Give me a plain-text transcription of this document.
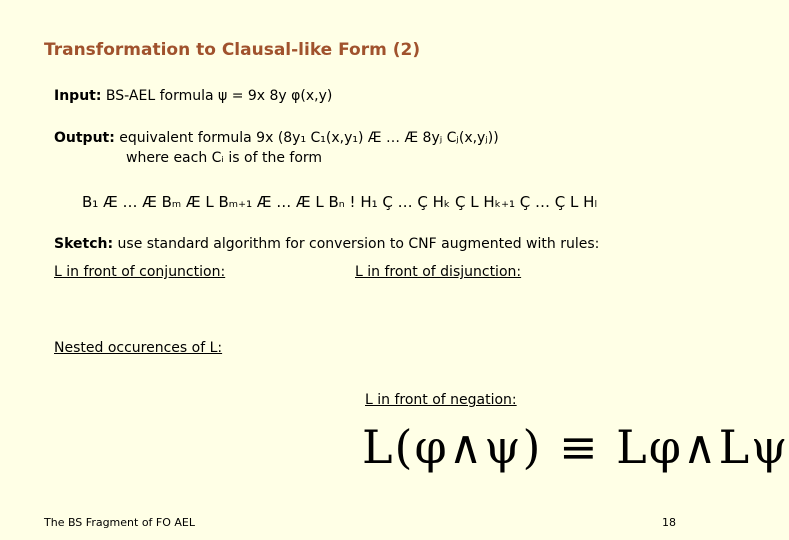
Transformation to Clausal-like Form (2)
Input: BS-AEL formula ψ = 9x 8y φ(x,y)
Output: equivalent formula 9x (8y₁ C₁(x,y₁) Æ … Æ 8yⱼ Cⱼ(x,yⱼ))
where each Cᵢ is of the form
B₁ Æ … Æ Bₘ Æ L Bₘ₊₁ Æ … Æ L Bₙ ! H₁ Ç … Ç Hₖ Ç L Hₖ₊₁ Ç … Ç L Hₗ
Sketch: use standard algorithm for conversion to CNF augmented with rules:
L in front of conjunction:	L in front of disjunction:
Nested occurences of L:
L in front of negation:
L(φ∧ψ) ≡ Lφ∧Lψ
The BS Fragment of FO AEL	18
